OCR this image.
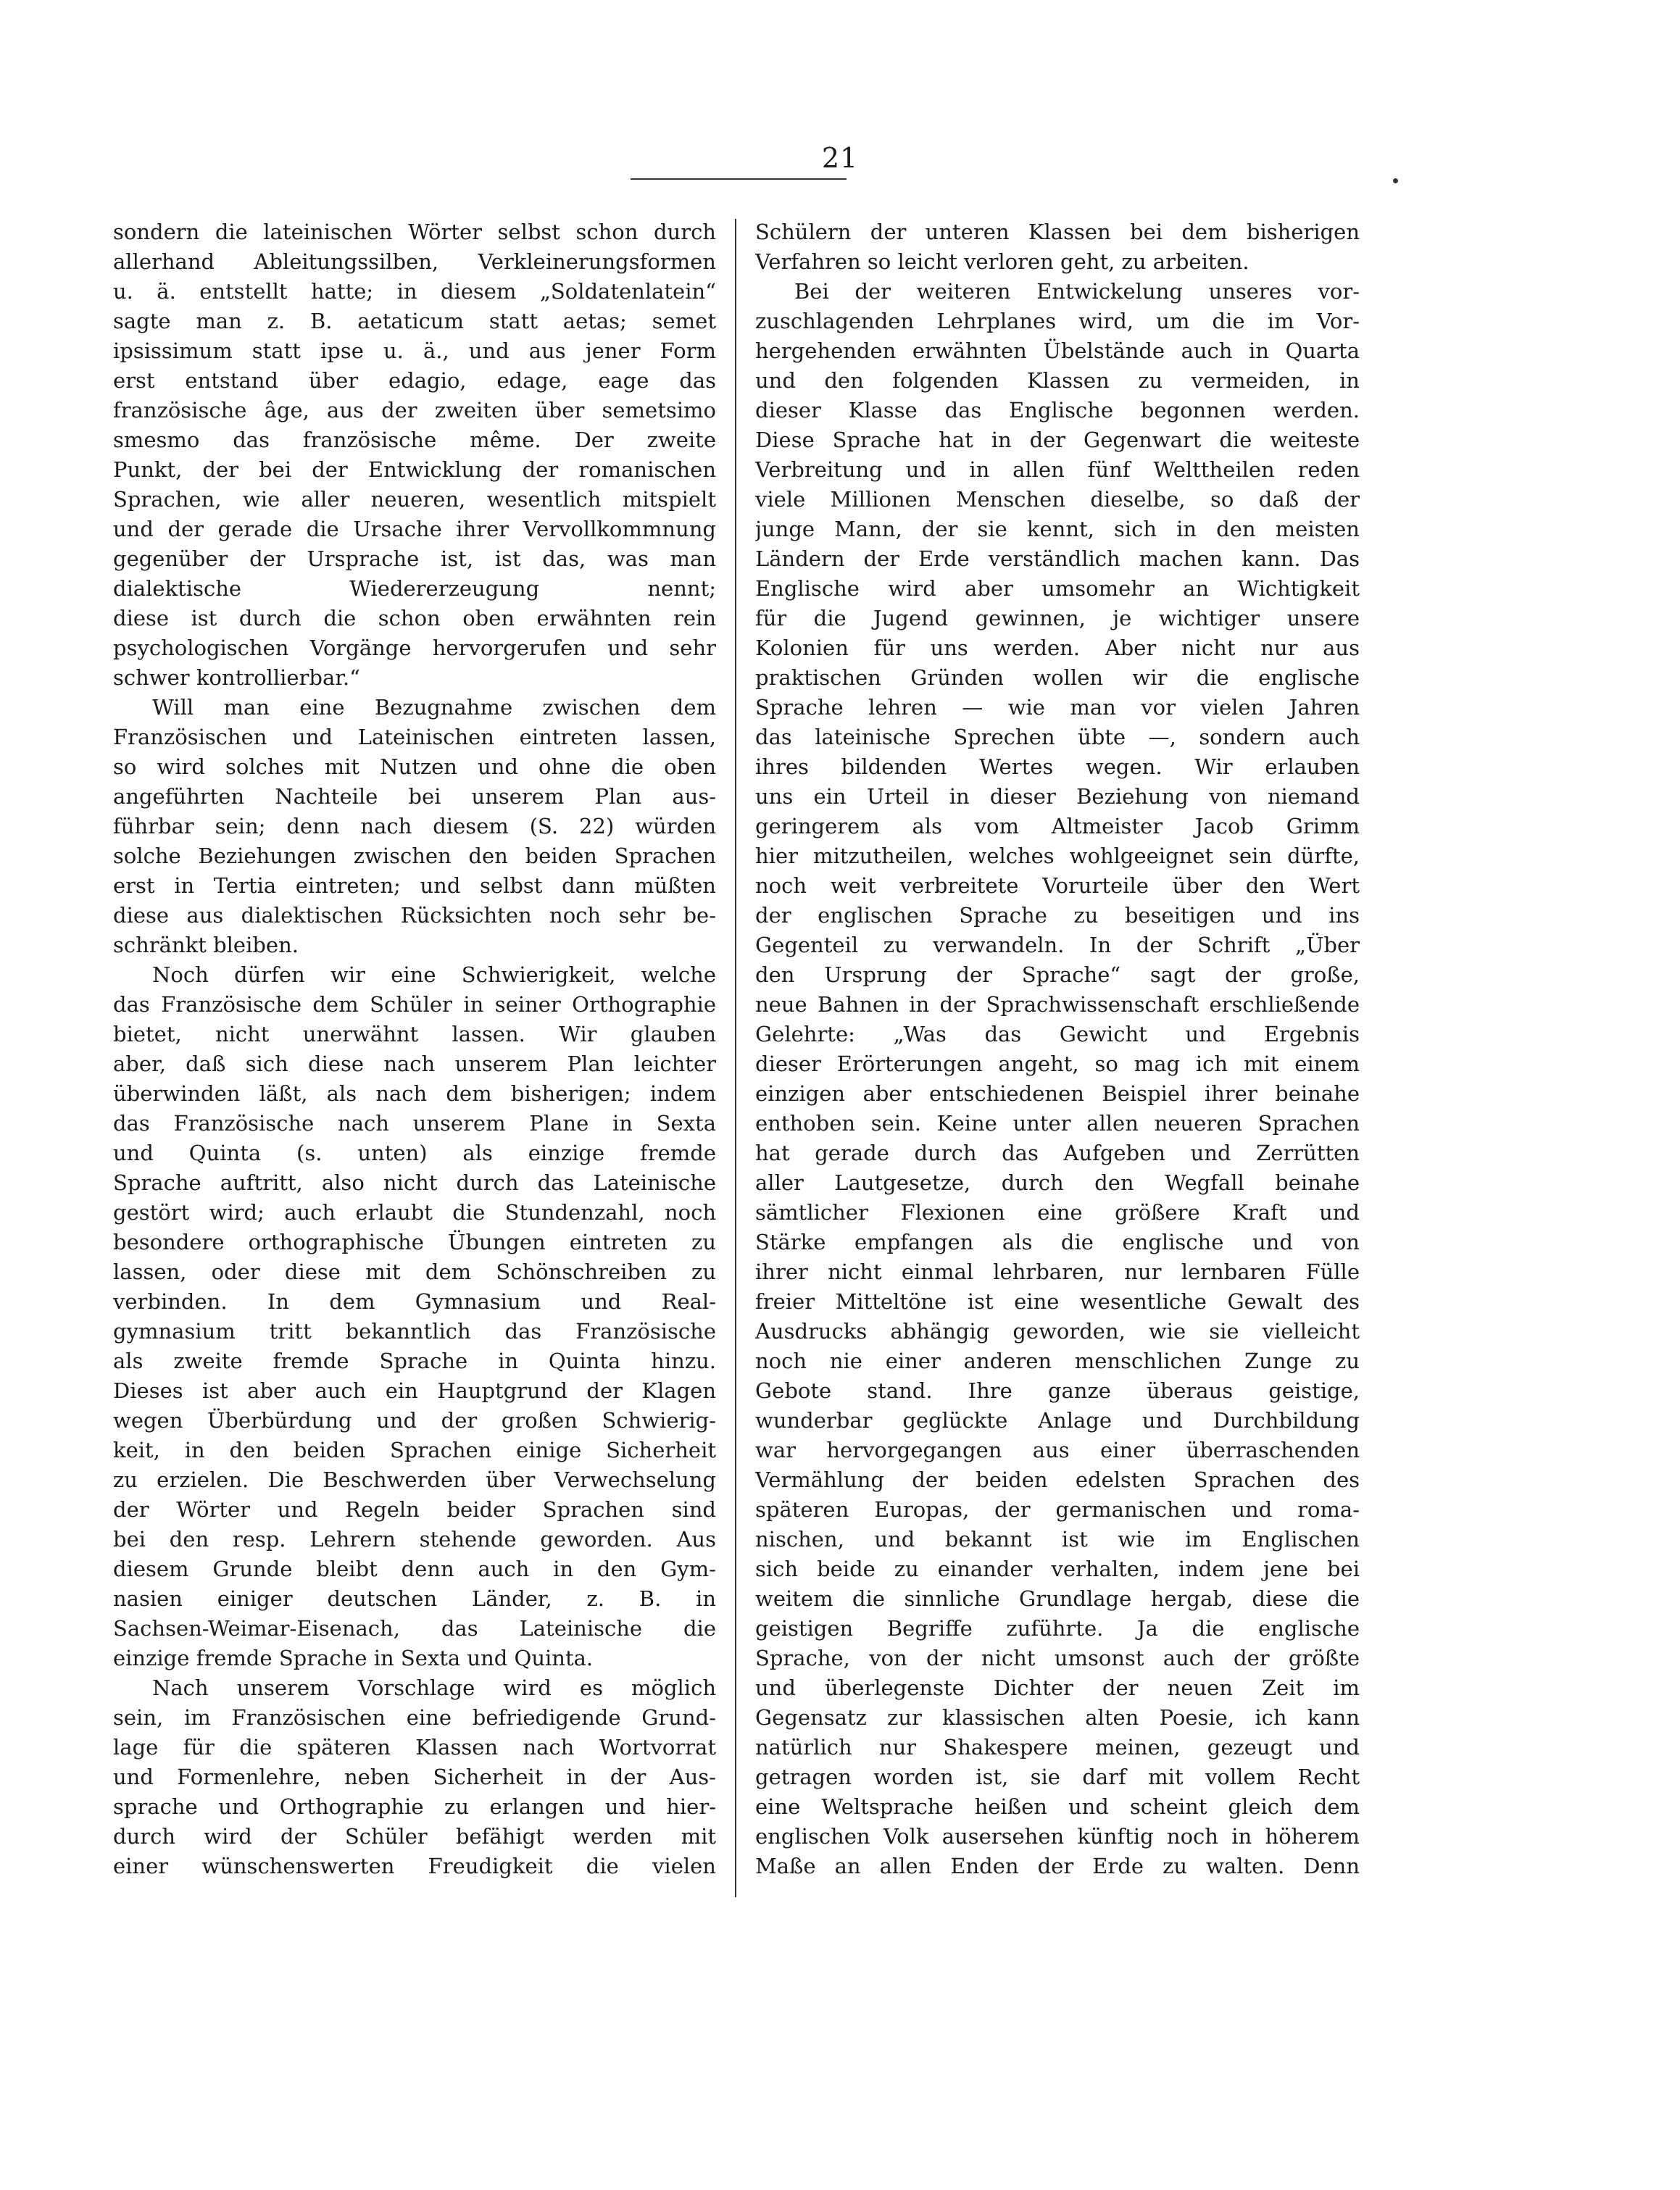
21
sondern die lateinischen Wörter selbst schon durch
allerhand Ableitungssilben, Verkleinerungsformen
u. ä. entstellt hatte; in diesem „Soldatenlatein“
sagte man z. B. aetaticum statt aetas; semet
ipsissimum statt ipse u. ä., und aus jener Form
erst entstand über edagio, edage, eage das
französische âge, aus der zweiten über semetsimo
smesmo das französische même. Der zweite
Punkt, der bei der Entwicklung der romanischen
Sprachen, wie aller neueren, wesentlich mitspielt
und der gerade die Ursache ihrer Vervollkommnung
gegenüber der Ursprache ist, ist das, was man
dialektische Wiedererzeugung nennt;
diese ist durch die schon oben erwähnten rein
psychologischen Vorgänge hervorgerufen und sehr
schwer kontrollierbar.“
Will man eine Bezugnahme zwischen dem
Französischen und Lateinischen eintreten lassen,
so wird solches mit Nutzen und ohne die oben
angeführten Nachteile bei unserem Plan aus-
führbar sein; denn nach diesem (S. 22) würden
solche Beziehungen zwischen den beiden Sprachen
erst in Tertia eintreten; und selbst dann müßten
diese aus dialektischen Rücksichten noch sehr be-
schränkt bleiben.
Noch dürfen wir eine Schwierigkeit, welche
das Französische dem Schüler in seiner Orthographie
bietet, nicht unerwähnt lassen. Wir glauben
aber, daß sich diese nach unserem Plan leichter
überwinden läßt, als nach dem bisherigen; indem
das Französische nach unserem Plane in Sexta
und Quinta (s. unten) als einzige fremde
Sprache auftritt, also nicht durch das Lateinische
gestört wird; auch erlaubt die Stundenzahl, noch
besondere orthographische Übungen eintreten zu
lassen, oder diese mit dem Schönschreiben zu
verbinden. In dem Gymnasium und Real-
gymnasium tritt bekanntlich das Französische
als zweite fremde Sprache in Quinta hinzu.
Dieses ist aber auch ein Hauptgrund der Klagen
wegen Überbürdung und der großen Schwierig-
keit, in den beiden Sprachen einige Sicherheit
zu erzielen. Die Beschwerden über Verwechselung
der Wörter und Regeln beider Sprachen sind
bei den resp. Lehrern stehende geworden. Aus
diesem Grunde bleibt denn auch in den Gym-
nasien einiger deutschen Länder, z. B. in
Sachsen-Weimar-Eisenach, das Lateinische die
einzige fremde Sprache in Sexta und Quinta.
Nach unserem Vorschlage wird es möglich
sein, im Französischen eine befriedigende Grund-
lage für die späteren Klassen nach Wortvorrat
und Formenlehre, neben Sicherheit in der Aus-
sprache und Orthographie zu erlangen und hier-
durch wird der Schüler befähigt werden mit
einer wünschenswerten Freudigkeit die vielen
Schülern der unteren Klassen bei dem bisherigen
Verfahren so leicht verloren geht, zu arbeiten.
Bei der weiteren Entwickelung unseres vor-
zuschlagenden Lehrplanes wird, um die im Vor-
hergehenden erwähnten Übelstände auch in Quarta
und den folgenden Klassen zu vermeiden, in
dieser Klasse das Englische begonnen werden.
Diese Sprache hat in der Gegenwart die weiteste
Verbreitung und in allen fünf Welttheilen reden
viele Millionen Menschen dieselbe, so daß der
junge Mann, der sie kennt, sich in den meisten
Ländern der Erde verständlich machen kann. Das
Englische wird aber umsomehr an Wichtigkeit
für die Jugend gewinnen, je wichtiger unsere
Kolonien für uns werden. Aber nicht nur aus
praktischen Gründen wollen wir die englische
Sprache lehren — wie man vor vielen Jahren
das lateinische Sprechen übte —, sondern auch
ihres bildenden Wertes wegen. Wir erlauben
uns ein Urteil in dieser Beziehung von niemand
geringerem als vom Altmeister Jacob Grimm
hier mitzutheilen, welches wohlgeeignet sein dürfte,
noch weit verbreitete Vorurteile über den Wert
der englischen Sprache zu beseitigen und ins
Gegenteil zu verwandeln. In der Schrift „Über
den Ursprung der Sprache“ sagt der große,
neue Bahnen in der Sprachwissenschaft erschließende
Gelehrte: „Was das Gewicht und Ergebnis
dieser Erörterungen angeht, so mag ich mit einem
einzigen aber entschiedenen Beispiel ihrer beinahe
enthoben sein. Keine unter allen neueren Sprachen
hat gerade durch das Aufgeben und Zerrütten
aller Lautgesetze, durch den Wegfall beinahe
sämtlicher Flexionen eine größere Kraft und
Stärke empfangen als die englische und von
ihrer nicht einmal lehrbaren, nur lernbaren Fülle
freier Mitteltöne ist eine wesentliche Gewalt des
Ausdrucks abhängig geworden, wie sie vielleicht
noch nie einer anderen menschlichen Zunge zu
Gebote stand. Ihre ganze überaus geistige,
wunderbar geglückte Anlage und Durchbildung
war hervorgegangen aus einer überraschenden
Vermählung der beiden edelsten Sprachen des
späteren Europas, der germanischen und roma-
nischen, und bekannt ist wie im Englischen
sich beide zu einander verhalten, indem jene bei
weitem die sinnliche Grundlage hergab, diese die
geistigen Begriffe zuführte. Ja die englische
Sprache, von der nicht umsonst auch der größte
und überlegenste Dichter der neuen Zeit im
Gegensatz zur klassischen alten Poesie, ich kann
natürlich nur Shakespere meinen, gezeugt und
getragen worden ist, sie darf mit vollem Recht
eine Weltsprache heißen und scheint gleich dem
englischen Volk ausersehen künftig noch in höherem
Maße an allen Enden der Erde zu walten. Denn
